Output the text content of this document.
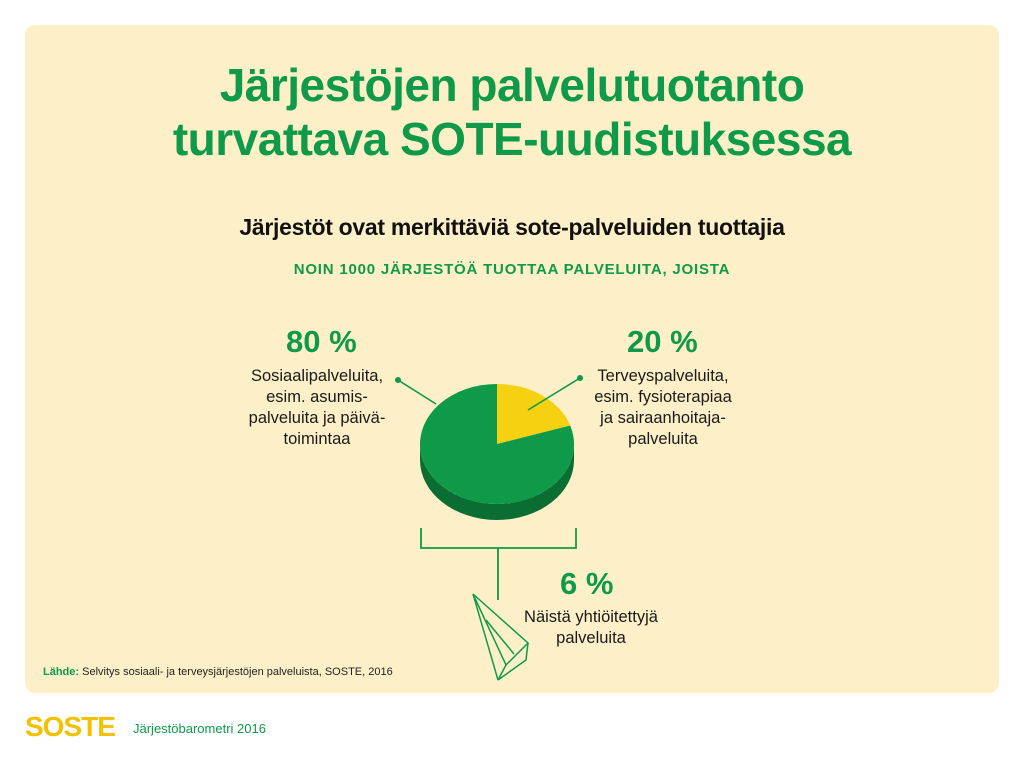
Järjestöjen palvelutuotanto
turvattava SOTE-uudistuksessa
Järjestöt ovat merkittäviä sote-palveluiden tuottajia
NOIN 1000 JÄRJESTÖÄ TUOTTAA PALVELUITA, JOISTA
80 %
Sosiaalipalveluita,
esim. asumis-
palveluita ja päivä-
toimintaa
20 %
Terveyspalveluita,
esim. fysioterapiaa
ja sairaanhoitaja-
palveluita
6 %
Näistä yhtiöitettyjä
palveluita
Lähde: Selvitys sosiaali- ja terveysjärjestöjen palveluista, SOSTE, 2016
SOSTE Järjestöbarometri 2016
